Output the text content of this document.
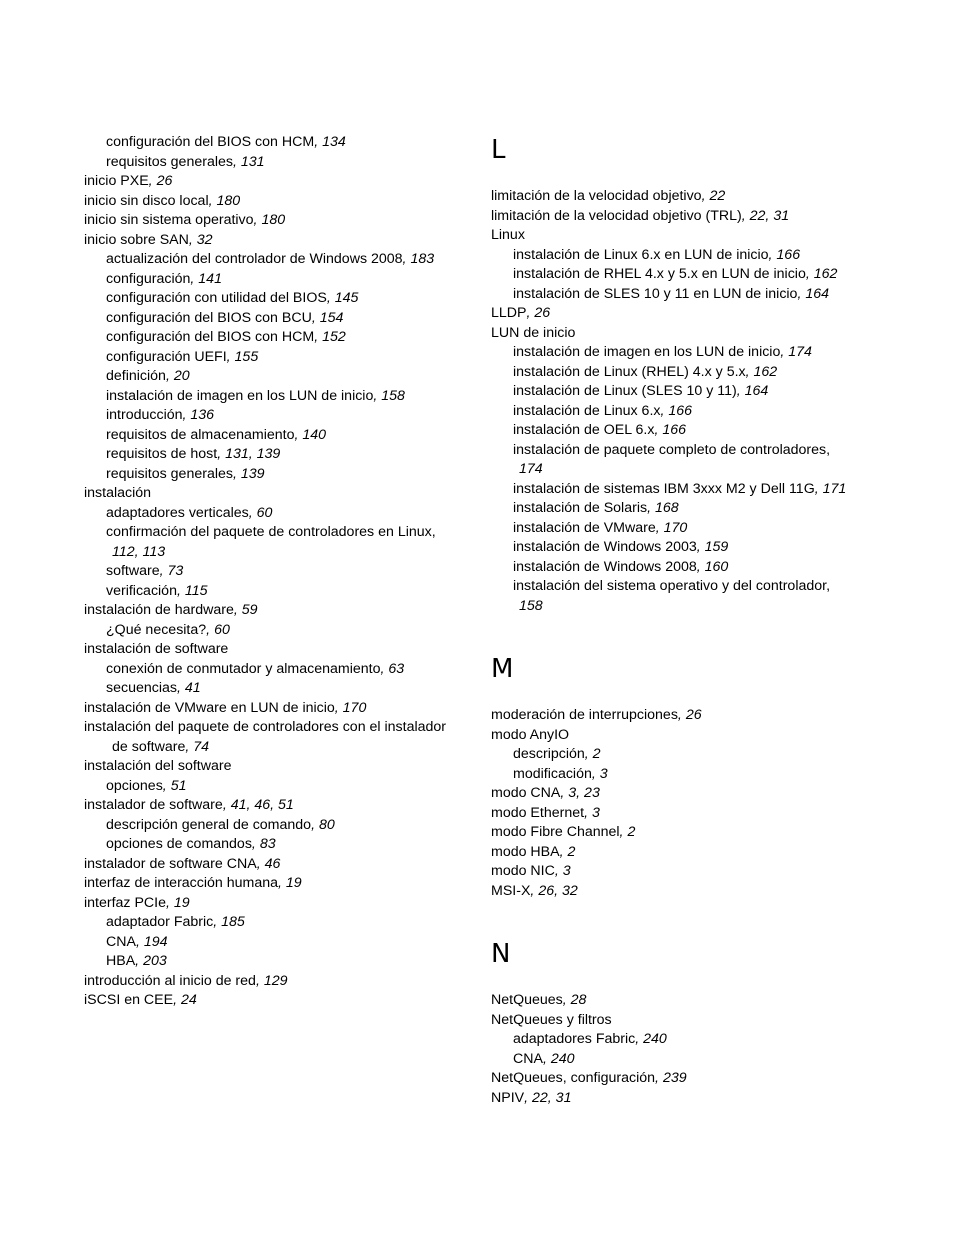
configuración del BIOS con HCM, 134
requisitos generales, 131
inicio PXE, 26
inicio sin disco local, 180
inicio sin sistema operativo, 180
inicio sobre SAN, 32
actualización del controlador de Windows 2008, 183
configuración, 141
configuración con utilidad del BIOS, 145
configuración del BIOS con BCU, 154
configuración del BIOS con HCM, 152
configuración UEFI, 155
definición, 20
instalación de imagen en los LUN de inicio, 158
introducción, 136
requisitos de almacenamiento, 140
requisitos de host, 131, 139
requisitos generales, 139
instalación
adaptadores verticales, 60
confirmación del paquete de controladores en Linux,
112, 113
software, 73
verificación, 115
instalación de hardware, 59
¿Qué necesita?, 60
instalación de software
conexión de conmutador y almacenamiento, 63
secuencias, 41
instalación de VMware en LUN de inicio, 170
instalación del paquete de controladores con el instalador
de software, 74
instalación del software
opciones, 51
instalador de software, 41, 46, 51
descripción general de comando, 80
opciones de comandos, 83
instalador de software CNA, 46
interfaz de interacción humana, 19
interfaz PCIe, 19
adaptador Fabric, 185
CNA, 194
HBA, 203
introducción al inicio de red, 129
iSCSI en CEE, 24
L
limitación de la velocidad objetivo, 22
limitación de la velocidad objetivo (TRL), 22, 31
Linux
instalación de Linux 6.x en LUN de inicio, 166
instalación de RHEL 4.x y 5.x en LUN de inicio, 162
instalación de SLES 10 y 11 en LUN de inicio, 164
LLDP, 26
LUN de inicio
instalación de imagen en los LUN de inicio, 174
instalación de Linux (RHEL) 4.x y 5.x, 162
instalación de Linux (SLES 10 y 11), 164
instalación de Linux 6.x, 166
instalación de OEL 6.x, 166
instalación de paquete completo de controladores,
174
instalación de sistemas IBM 3xxx M2 y Dell 11G, 171
instalación de Solaris, 168
instalación de VMware, 170
instalación de Windows 2003, 159
instalación de Windows 2008, 160
instalación del sistema operativo y del controlador,
158
M
moderación de interrupciones, 26
modo AnyIO
descripción, 2
modificación, 3
modo CNA, 3, 23
modo Ethernet, 3
modo Fibre Channel, 2
modo HBA, 2
modo NIC, 3
MSI-X, 26, 32
N
NetQueues, 28
NetQueues y filtros
adaptadores Fabric, 240
CNA, 240
NetQueues, configuración, 239
NPIV, 22, 31
